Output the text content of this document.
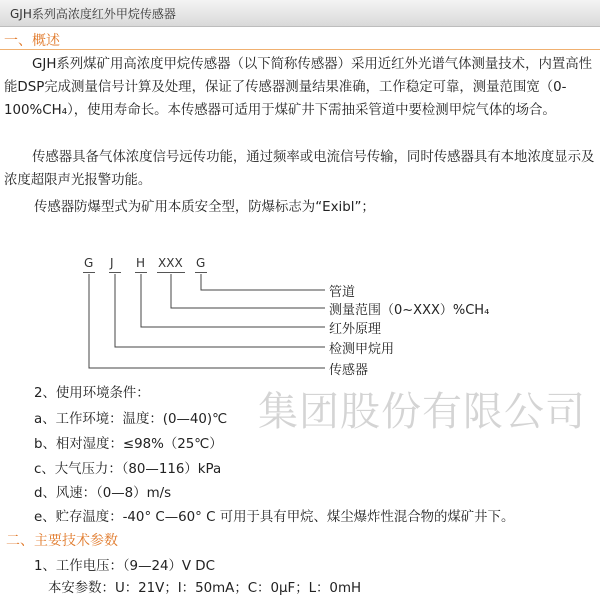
GJH系列高浓度红外甲烷传感器
集团股份有限公司
一、概述

GJH系列煤矿用高浓度甲烷传感器（以下简称传感器）采用近红外光谱气体测量技术，内置高性能DSP完成测量信号计算及处理，保证了传感器测量结果准确，工作稳定可靠，测量范围宽（0-100%CH₄），使用寿命长。本传感器可适用于煤矿井下需抽采管道中要检测甲烷气体的场合。

传感器具备气体浓度信号远传功能，通过频率或电流信号传输，同时传感器具有本地浓度显示及浓度超限声光报警功能。

传感器防爆型式为矿用本质安全型，防爆标志为“Exibl”；

G J H XXX G
管道
测量范围（0~XXX）%CH₄
红外原理
检测甲烷用
传感器
2、使用环境条件：
a、工作环境：温度：(0—40)℃
b、相对湿度：≤98%（25℃）
c、大气压力：（80—116）kPa
d、风速：（0—8）m/s
e、贮存温度：-40° C—60° C 可用于具有甲烷、煤尘爆炸性混合物的煤矿井下。
二、主要技术参数
1、工作电压：（9—24）V DC
本安参数：U：21V；I：50mA；C：0μF；L：0mH
